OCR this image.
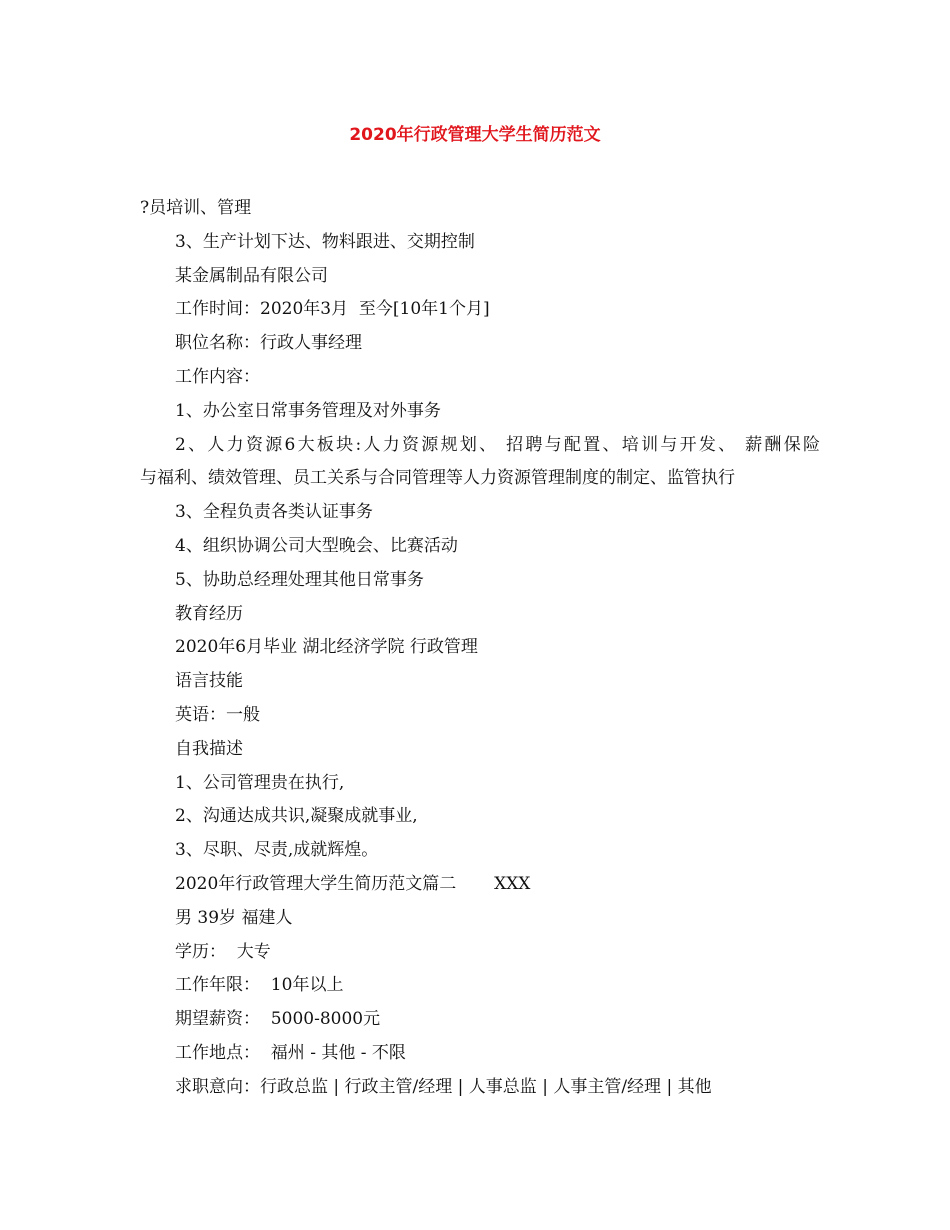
2020年行政管理大学生简历范文
?员培训、管理
3、生产计划下达、物料跟进、交期控制
某金属制品有限公司
工作时间：2020年3月  至今[10年1个月]
职位名称：行政人事经理
工作内容：
1、办公室日常事务管理及对外事务
2、人力资源6大板块:人力资源规划、 招聘与配置、培训与开发、 薪酬保险
与福利、绩效管理、员工关系与合同管理等人力资源管理制度的制定、监管执行
3、全程负责各类认证事务
4、组织协调公司大型晚会、比赛活动
5、协助总经理处理其他日常事务
教育经历
2020年6月毕业 湖北经济学院 行政管理
语言技能
英语：一般
自我描述
1、公司管理贵在执行,
2、沟通达成共识,凝聚成就事业,
3、尽职、尽责,成就辉煌。
2020年行政管理大学生简历范文篇二       XXX
男 39岁 福建人
学历：  大专
工作年限：  10年以上
期望薪资：  5000-8000元
工作地点：  福州 - 其他 - 不限
求职意向：行政总监 | 行政主管/经理 | 人事总监 | 人事主管/经理 | 其他
